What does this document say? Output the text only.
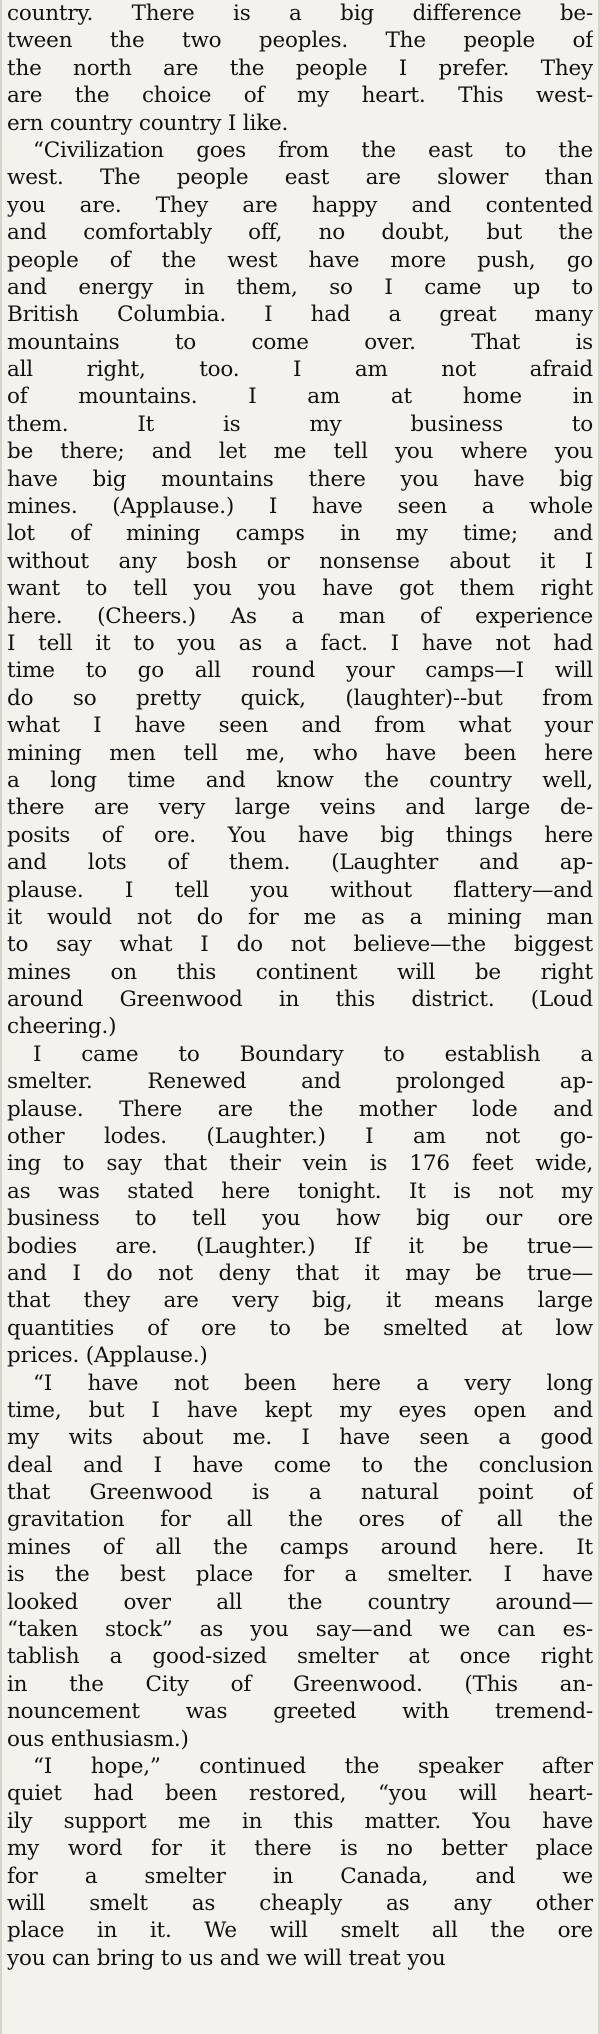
country. There is a big difference be-
tween the two peoples. The people of
the north are the people I prefer. They
are the choice of my heart. This west-
ern country country I like.
“Civilization goes from the east to the
west. The people east are slower than
you are. They are happy and contented
and comfortably off, no doubt, but the
people of the west have more push, go
and energy in them, so I came up to
British Columbia. I had a great many
mountains to come over. That is
all right, too. I am not afraid
of mountains. I am at home in
them. It is my business to
be there; and let me tell you where you
have big mountains there you have big
mines. (Applause.) I have seen a whole
lot of mining camps in my time; and
without any bosh or nonsense about it I
want to tell you you have got them right
here. (Cheers.) As a man of experience
I tell it to you as a fact. I have not had
time to go all round your camps—I will
do so pretty quick, (laughter)--but from
what I have seen and from what your
mining men tell me, who have been here
a long time and know the country well,
there are very large veins and large de-
posits of ore. You have big things here
and lots of them. (Laughter and ap-
plause. I tell you without flattery—and
it would not do for me as a mining man
to say what I do not believe—the biggest
mines on this continent will be right
around Greenwood in this district. (Loud
cheering.)
I came to Boundary to establish a
smelter. Renewed and prolonged ap-
plause. There are the mother lode and
other lodes. (Laughter.) I am not go-
ing to say that their vein is 176 feet wide,
as was stated here tonight. It is not my
business to tell you how big our ore
bodies are. (Laughter.) If it be true—
and I do not deny that it may be true—
that they are very big, it means large
quantities of ore to be smelted at low
prices. (Applause.)
“I have not been here a very long
time, but I have kept my eyes open and
my wits about me. I have seen a good
deal and I have come to the conclusion
that Greenwood is a natural point of
gravitation for all the ores of all the
mines of all the camps around here. It
is the best place for a smelter. I have
looked over all the country around—
“taken stock” as you say—and we can es-
tablish a good-sized smelter at once right
in the City of Greenwood. (This an-
nouncement was greeted with tremend-
ous enthusiasm.)
“I hope,” continued the speaker after
quiet had been restored, “you will heart-
ily support me in this matter. You have
my word for it there is no better place
for a smelter in Canada, and we
will smelt as cheaply as any other
place in it. We will smelt all the ore
you can bring to us and we will treat you
